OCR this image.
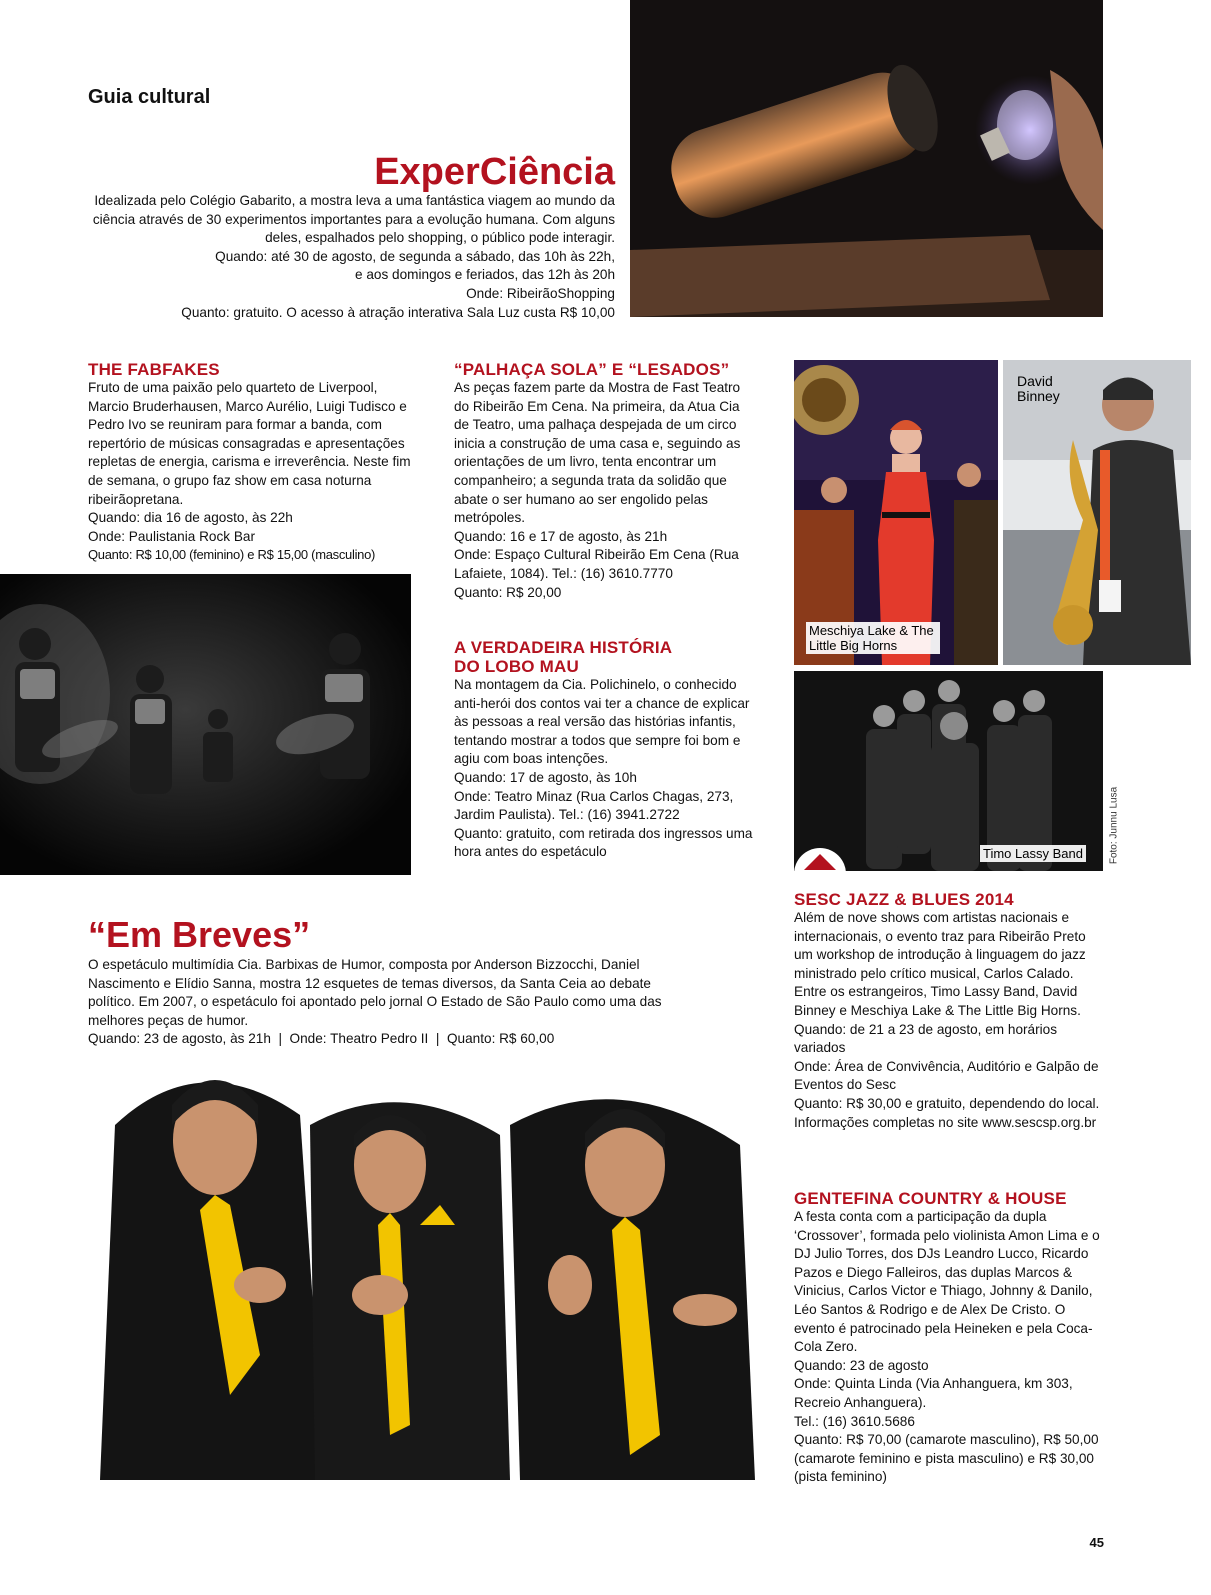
Guia cultural
ExperCiência

Idealizada pelo Colégio Gabarito, a mostra leva a uma fantástica viagem ao mundo da ciência através de 30 experimentos importantes para a evolução humana. Com alguns deles, espalhados pelo shopping, o público pode interagir.

Quando: até 30 de agosto, de segunda a sábado, das 10h às 22h,

e aos domingos e feriados, das 12h às 20h

Onde: RibeirãoShopping

Quanto: gratuito. O acesso à atração interativa Sala Luz custa R$ 10,00

THE FABFAKES

Fruto de uma paixão pelo quarteto de Liverpool, Marcio Bruderhausen, Marco Aurélio, Luigi Tudisco e Pedro Ivo se reuniram para formar a banda, com repertório de músicas consagradas e apresentações repletas de energia, carisma e irreverência. Neste fim de semana, o grupo faz show em casa noturna ribeirãopretana.

Quando: dia 16 de agosto, às 22h

Onde: Paulistania Rock Bar

Quanto: R$ 10,00 (feminino) e R$ 15,00 (masculino)

“PALHAÇA SOLA” E “LESADOS”

As peças fazem parte da Mostra de Fast Teatro do Ribeirão Em Cena. Na primeira, da Atua Cia de Teatro, uma palhaça despejada de um circo inicia a construção de uma casa e, seguindo as orientações de um livro, tenta encontrar um companheiro; a segunda trata da solidão que abate o ser humano ao ser engolido pelas metrópoles.

Quando: 16 e 17 de agosto, às 21h

Onde: Espaço Cultural Ribeirão Em Cena (Rua Lafaiete, 1084). Tel.: (16) 3610.7770

Quanto: R$ 20,00

A VERDADEIRA HISTÓRIA
DO LOBO MAU

Na montagem da Cia. Polichinelo, o conhecido anti-herói dos contos vai ter a chance de explicar às pessoas a real versão das histórias infantis, tentando mostrar a todos que sempre foi bom e agiu com boas intenções.

Quando: 17 de agosto, às 10h

Onde: Teatro Minaz (Rua Carlos Chagas, 273, Jardim Paulista). Tel.: (16) 3941.2722

Quanto: gratuito, com retirada dos ingressos uma hora antes do espetáculo

Meschiya Lake & The Little Big Horns
David Binney
Timo Lassy Band	Foto: Junnu Lusa
SESC JAZZ & BLUES 2014

Além de nove shows com artistas nacionais e internacionais, o evento traz para Ribeirão Preto um workshop de introdução à linguagem do jazz ministrado pelo crítico musical, Carlos Calado. Entre os estrangeiros, Timo Lassy Band, David Binney e Meschiya Lake & The Little Big Horns.

Quando: de 21 a 23 de agosto, em horários variados

Onde: Área de Convivência, Auditório e Galpão de Eventos do Sesc

Quanto: R$ 30,00 e gratuito, dependendo do local. Informações completas no site www.sescsp.org.br

“Em Breves”

O espetáculo multimídia Cia. Barbixas de Humor, composta por Anderson Bizzocchi, Daniel Nascimento e Elídio Sanna, mostra 12 esquetes de temas diversos, da Santa Ceia ao debate político. Em 2007, o espetáculo foi apontado pelo jornal O Estado de São Paulo como uma das melhores peças de humor.

Quando: 23 de agosto, às 21h  |  Onde: Theatro Pedro II  |  Quanto: R$ 60,00

GENTEFINA COUNTRY & HOUSE

A festa conta com a participação da dupla ‘Crossover’, formada pelo violinista Amon Lima e o DJ Julio Torres, dos DJs Leandro Lucco, Ricardo Pazos e Diego Falleiros, das duplas Marcos & Vinicius, Carlos Victor e Thiago, Johnny & Danilo, Léo Santos & Rodrigo e de Alex De Cristo. O evento é patrocinado pela Heineken e pela Coca-Cola Zero.

Quando: 23 de agosto

Onde: Quinta Linda (Via Anhanguera, km 303, Recreio Anhanguera).

Tel.: (16) 3610.5686

Quanto: R$ 70,00 (camarote masculino), R$ 50,00 (camarote feminino e pista masculino) e R$ 30,00 (pista feminino)

45
